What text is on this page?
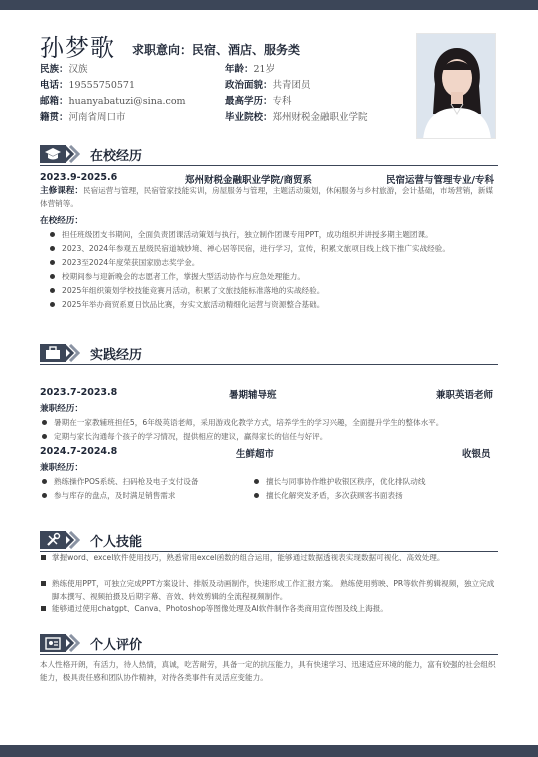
孙梦歌 求职意向：民宿、酒店、服务类
民族：汉族
电话：19555750571
邮箱：huanyabatuzi@sina.com
籍贯：河南省周口市
年龄：21岁
政治面貌：共青团员
最高学历：专科
毕业院校：郑州财税金融职业学院
在校经历
2023.9-2025.6	郑州财税金融职业学院/商贸系	民宿运营与管理专业/专科
主修课程：民宿运营与管理，民宿管家技能实训，房屋服务与管理，主题活动策划，休闲服务与乡村旅游，会计基础，市场营销，新媒体营销等。
在校经历：
担任班级团支书期间，全面负责团课活动策划与执行，独立制作团课专用PPT，成功组织并讲授多期主题团课。
2023、2024年参观五星级民宿道城妙境、禅心居等民宿，进行学习，宣传，积累文旅项目线上线下推广实战经验。
2023至2024年度荣获国家励志奖学金。
校期间参与迎新晚会的志愿者工作，掌握大型活动协作与应急处理能力。
2025年组织策划学校技能竞赛月活动，积累了文旅技能标准落地的实战经验。
2025年举办商贸系夏日饮品比赛，夯实文旅活动精细化运营与资源整合基础。
实践经历
2023.7-2023.8	暑期辅导班	兼职英语老师
兼职经历：
暑期在一家教辅班担任5，6年级英语老师，采用游戏化教学方式，培养学生的学习兴趣，全面提升学生的整体水平。
定期与家长沟通每个孩子的学习情况，提供相应的建议，赢得家长的信任与好评。
2024.7-2024.8	生鲜超市	收银员
兼职经历：
熟练操作POS系统、扫码枪及电子支付设备
参与库存的盘点，及时满足销售需求
擅长与同事协作维护收银区秩序，优化排队动线
擅长化解突发矛盾，多次获顾客书面表扬
个人技能
掌握word、excel软件使用技巧，熟悉常用excel函数的组合运用，能够通过数据透视表实现数据可视化、高效处理。
熟练使用PPT，可独立完成PPT方案设计、排版及动画制作，快速形成工作汇报方案。 熟练使用剪映、PR等软件剪辑视频，独立完成脚本撰写、视频拍摄及后期字幕、音效、转效剪辑的全流程视频制作。
能够通过使用chatgpt、Canva、Photoshop等图像处理及AI软件制作各类商用宣传图及线上海报。
个人评价
本人性格开朗，有活力，待人热情，真诚，吃苦耐劳，具备一定的抗压能力，具有快速学习、迅速适应环境的能力，富有较强的社会组织能力，极具责任感和团队协作精神，对待各类事件有灵活应变能力。
